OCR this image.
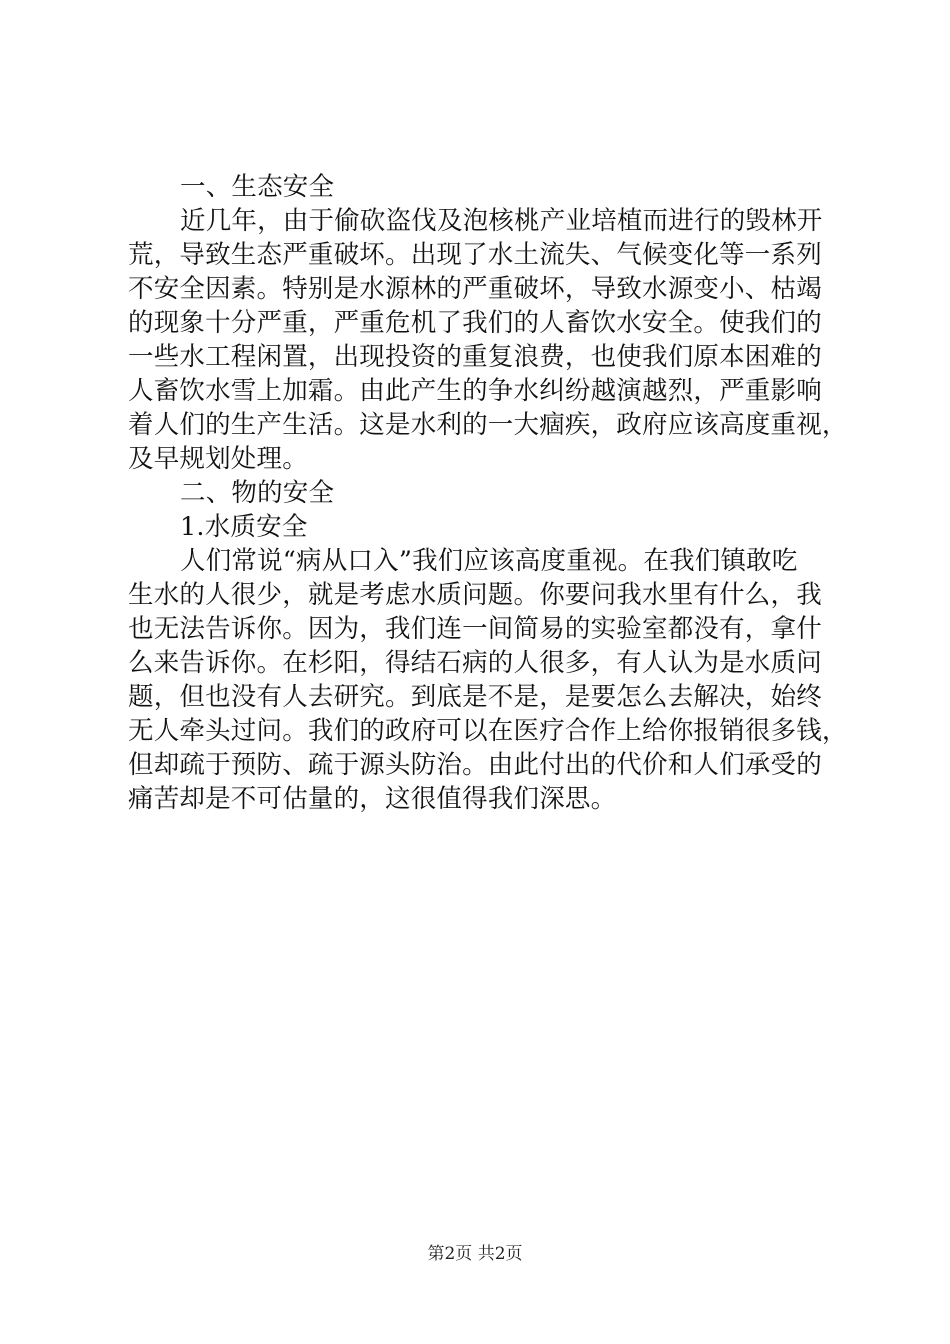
一、生态安全
近几年，由于偷砍盗伐及泡核桃产业培植而进行的毁林开
荒，导致生态严重破坏。出现了水土流失、气候变化等一系列
不安全因素。特别是水源林的严重破坏，导致水源变小、枯竭
的现象十分严重，严重危机了我们的人畜饮水安全。使我们的
一些水工程闲置，出现投资的重复浪费，也使我们原本困难的
人畜饮水雪上加霜。由此产生的争水纠纷越演越烈，严重影响
着人们的生产生活。这是水利的一大痼疾，政府应该高度重视，
及早规划处理。
二、物的安全
1.水质安全
人们常说“病从口入”我们应该高度重视。在我们镇敢吃
生水的人很少，就是考虑水质问题。你要问我水里有什么，我
也无法告诉你。因为，我们连一间简易的实验室都没有，拿什
么来告诉你。在杉阳，得结石病的人很多，有人认为是水质问
题，但也没有人去研究。到底是不是，是要怎么去解决，始终
无人牵头过问。我们的政府可以在医疗合作上给你报销很多钱，
但却疏于预防、疏于源头防治。由此付出的代价和人们承受的
痛苦却是不可估量的，这很值得我们深思。
第2页 共2页
